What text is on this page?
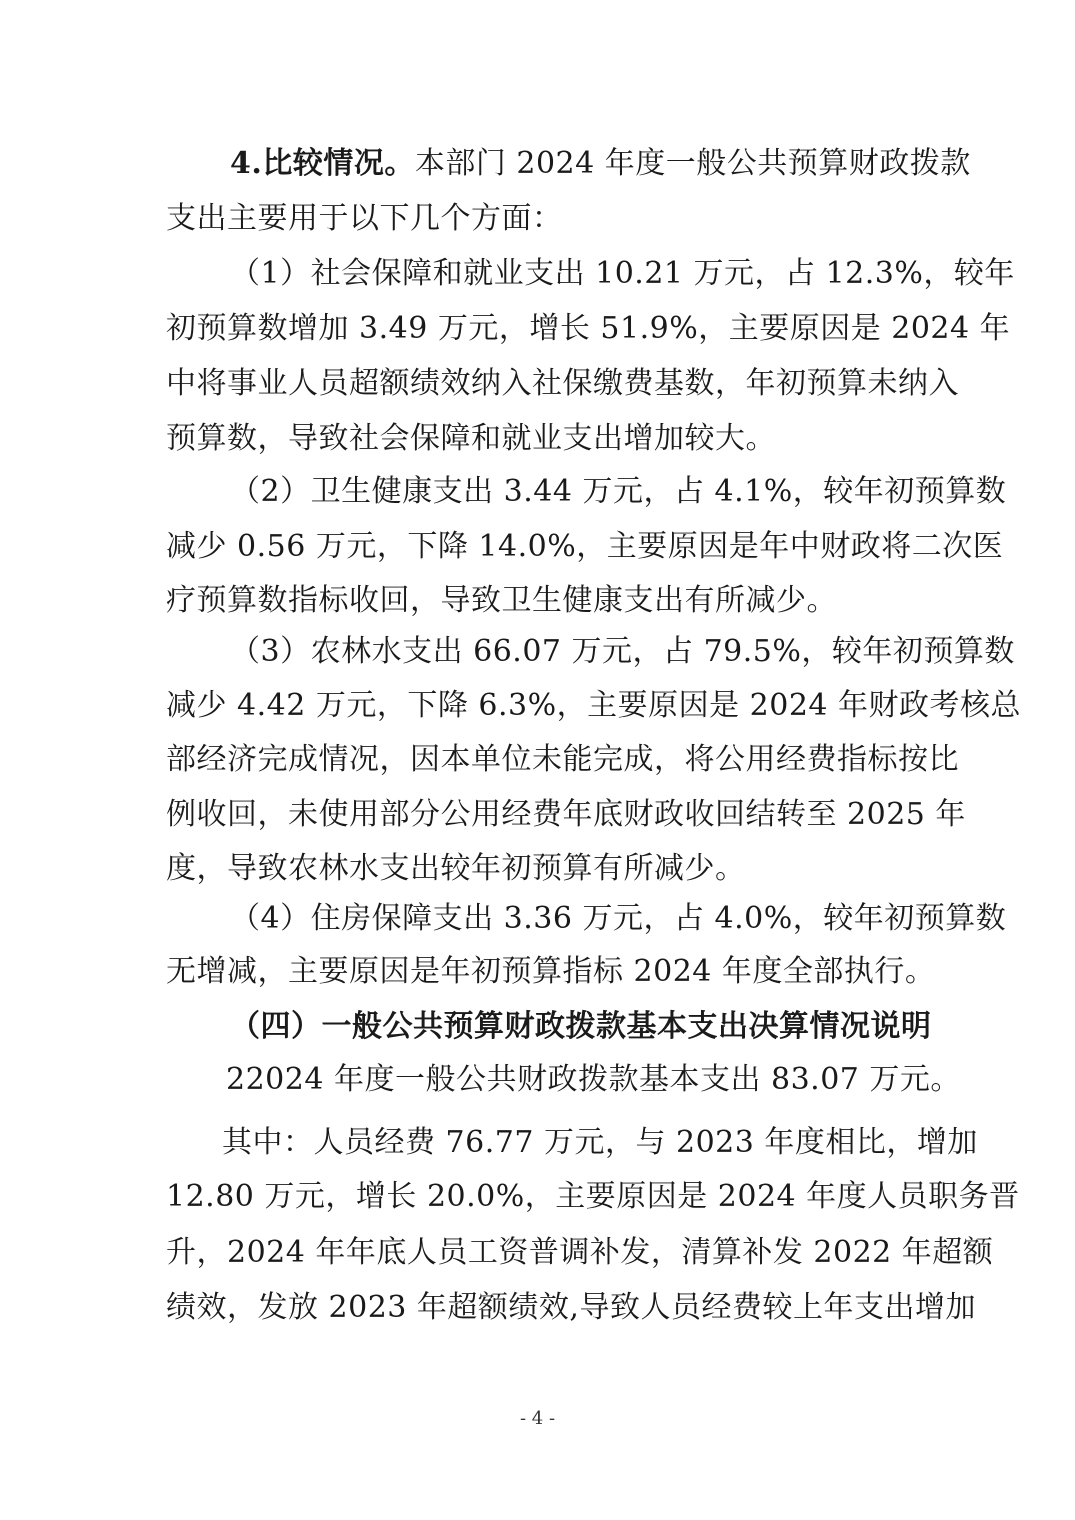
4.比较情况。本部门 2024 年度一般公共预算财政拨款
支出主要用于以下几个方面：
（1）社会保障和就业支出 10.21 万元，占 12.3%，较年
初预算数增加 3.49 万元，增长 51.9%，主要原因是 2024 年
中将事业人员超额绩效纳入社保缴费基数，年初预算未纳入
预算数，导致社会保障和就业支出增加较大。
（2）卫生健康支出 3.44 万元，占 4.1%，较年初预算数
减少 0.56 万元，下降 14.0%，主要原因是年中财政将二次医
疗预算数指标收回，导致卫生健康支出有所减少。
（3）农林水支出 66.07 万元，占 79.5%，较年初预算数
减少 4.42 万元，下降 6.3%，主要原因是 2024 年财政考核总
部经济完成情况，因本单位未能完成，将公用经费指标按比
例收回，未使用部分公用经费年底财政收回结转至 2025 年
度，导致农林水支出较年初预算有所减少。
（4）住房保障支出 3.36 万元，占 4.0%，较年初预算数
无增减，主要原因是年初预算指标 2024 年度全部执行。
（四）一般公共预算财政拨款基本支出决算情况说明
22024 年度一般公共财政拨款基本支出 83.07 万元。
其中：人员经费 76.77 万元，与 2023 年度相比，增加
12.80 万元，增长 20.0%，主要原因是 2024 年度人员职务晋
升，2024 年年底人员工资普调补发，清算补发 2022 年超额
绩效，发放 2023 年超额绩效,导致人员经费较上年支出增加
- 4 -
